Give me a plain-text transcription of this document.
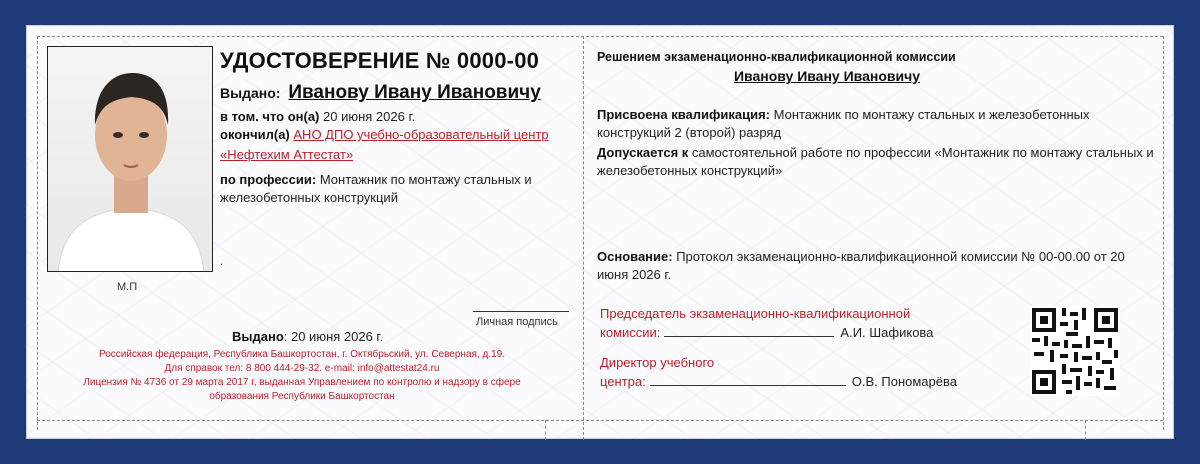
М.П
УДОСТОВЕРЕНИЕ № 0000-00
Выдано: Иванову Ивану Ивановичу
в том. что он(а) 20 июня 2026 г.
окончил(а) АНО ДПО учебно-образовательный центр
«Нефтехим Аттестат»
по профессии: Монтажник по монтажу стальных и
железобетонных конструкций
.
Личная подпись
Выдано: 20 июня 2026 г.
Российская федерация, Республика Башкортостан, г. Октябрьский, ул. Северная, д.19.
Для справок тел: 8 800 444-29-32. e-mail: info@attestat24.ru
Лицензия № 4736 от 29 марта 2017 г, выданная Управлением по контролю и надзору в сфере
образования Республики Башкортостан
Решением экзаменационно-квалификационной комиссии
Иванову Ивану Ивановичу
Присвоена квалификация: Монтажник по монтажу стальных и железобетонных конструкций 2 (второй) разряд
Допускается к самостоятельной работе по профессии «Монтажник по монтажу стальных и железобетонных конструкций»
Основание: Протокол экзаменационно-квалификационной комиссии № 00-00.00 от 20 июня 2026 г.
Председатель экзаменационно-квалификационной
комиссии:	А.И. Шафикова
Директор учебного
центра:	О.В. Пономарёва
